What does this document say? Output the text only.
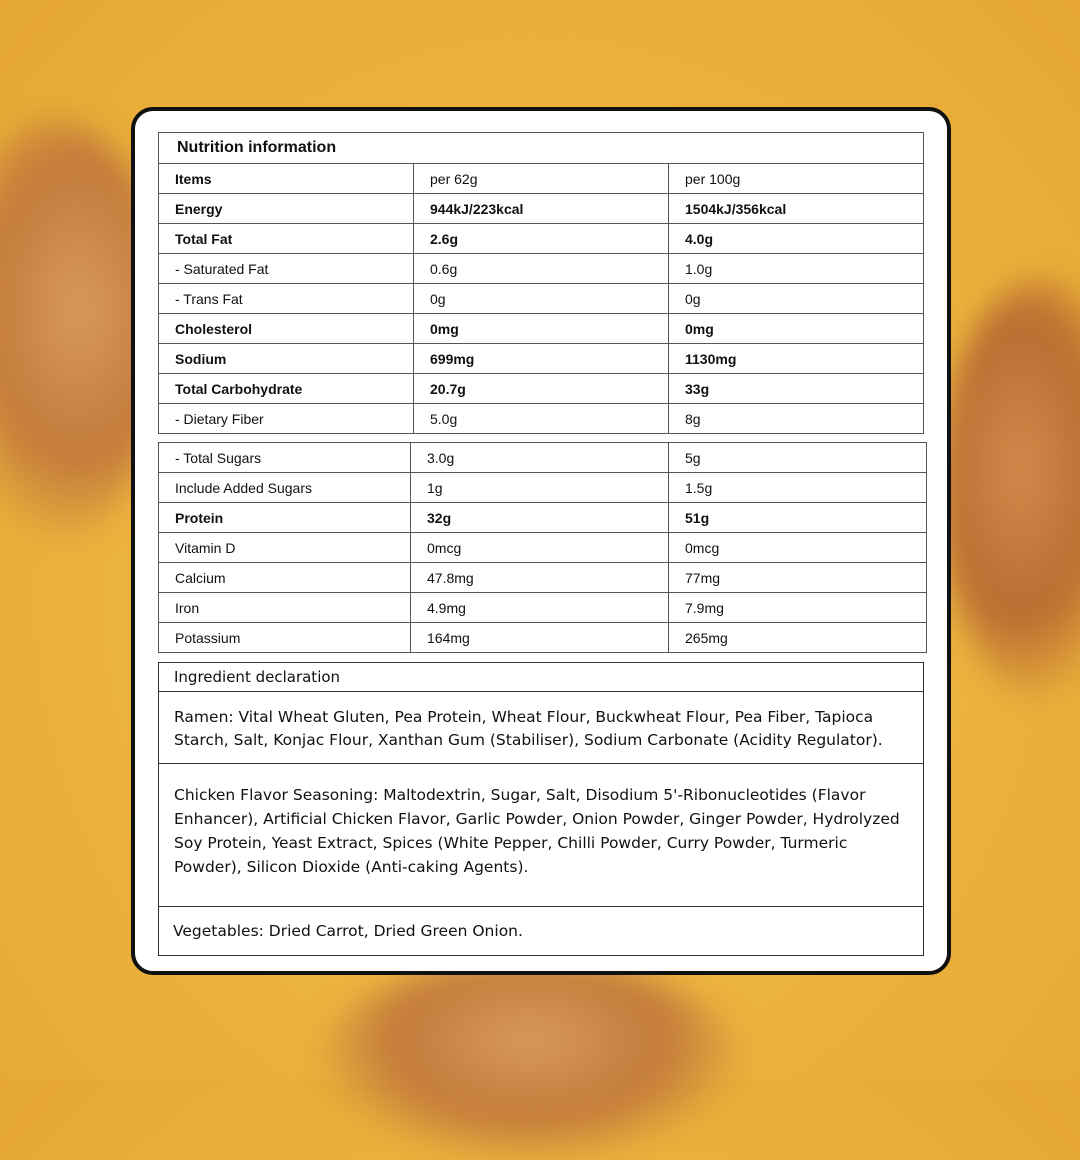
Nutrition information		
Items	per 62g	per 100g
Energy	944kJ/223kcal	1504kJ/356kcal
Total Fat	2.6g	4.0g
- Saturated Fat	0.6g	1.0g
- Trans Fat	0g	0g
Cholesterol	0mg	0mg
Sodium	699mg	1130mg
Total Carbohydrate	20.7g	33g
- Dietary Fiber	5.0g	8g
- Total Sugars	3.0g	5g
Include Added Sugars	1g	1.5g
Protein	32g	51g
Vitamin D	0mcg	0mcg
Calcium	47.8mg	77mg
Iron	4.9mg	7.9mg
Potassium	164mg	265mg
Ingredient declaration
Ramen: Vital Wheat Gluten, Pea Protein, Wheat Flour, Buckwheat Flour, Pea Fiber, Tapioca Starch, Salt, Konjac Flour, Xanthan Gum (Stabiliser), Sodium Carbonate (Acidity Regulator).
Chicken Flavor Seasoning: Maltodextrin, Sugar, Salt, Disodium 5'-Ribonucleotides (Flavor Enhancer), Artificial Chicken Flavor, Garlic Powder, Onion Powder, Ginger Powder, Hydrolyzed Soy Protein, Yeast Extract, Spices (White Pepper, Chilli Powder, Curry Powder, Turmeric Powder), Silicon Dioxide (Anti-caking Agents).
Vegetables: Dried Carrot, Dried Green Onion.
